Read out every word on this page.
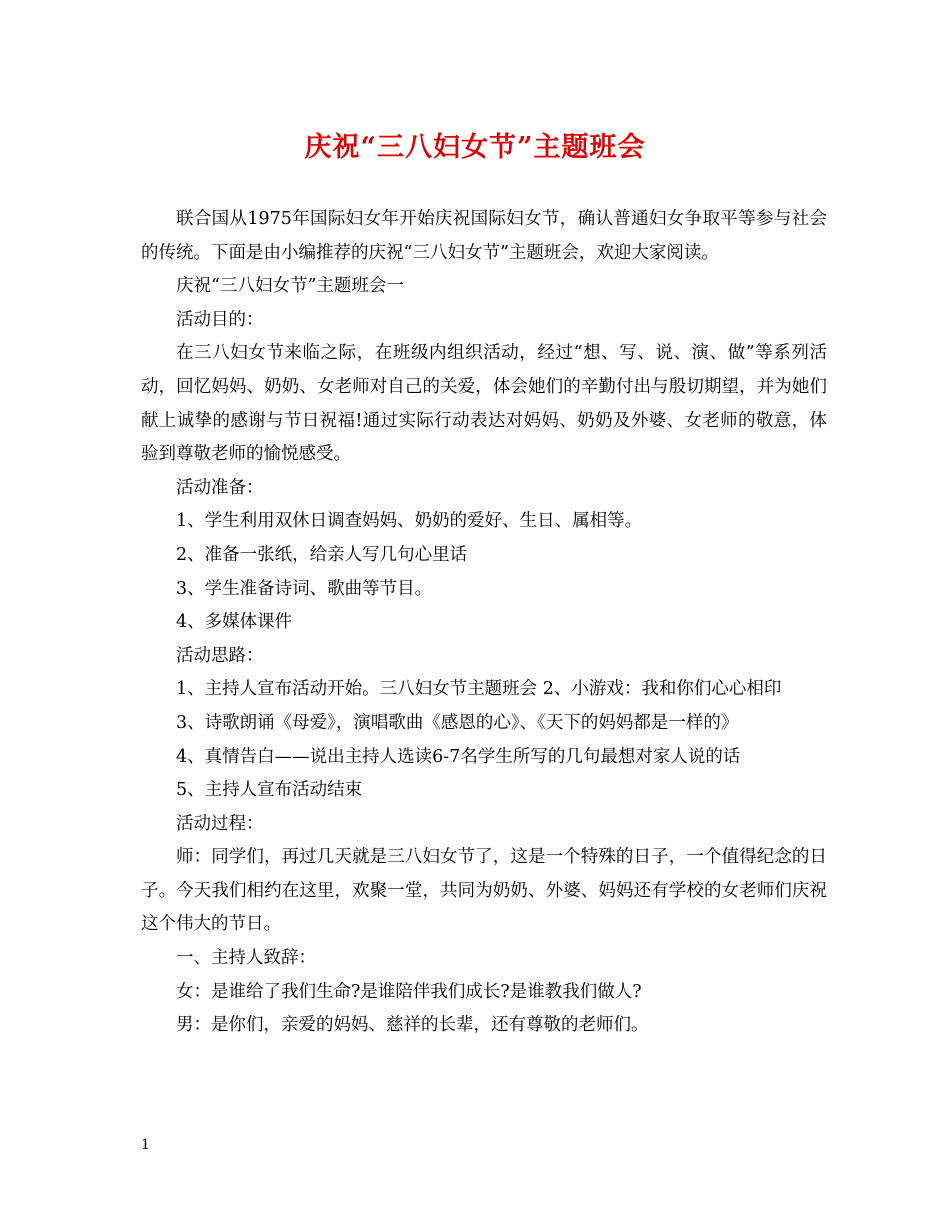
庆祝“三八妇女节”主题班会

联合国从1975年国际妇女年开始庆祝国际妇女节，确认普通妇女争取平等参与社会的传统。下面是由小编推荐的庆祝“三八妇女节”主题班会，欢迎大家阅读。

庆祝“三八妇女节”主题班会一

活动目的：

在三八妇女节来临之际，在班级内组织活动，经过“想、写、说、演、做”等系列活动，回忆妈妈、奶奶、女老师对自己的关爱，体会她们的辛勤付出与殷切期望，并为她们献上诚挚的感谢与节日祝福!通过实际行动表达对妈妈、奶奶及外婆、女老师的敬意，体验到尊敬老师的愉悦感受。

活动准备：

1、学生利用双休日调查妈妈、奶奶的爱好、生日、属相等。

2、准备一张纸，给亲人写几句心里话

3、学生准备诗词、歌曲等节目。

4、多媒体课件

活动思路：

1、主持人宣布活动开始。三八妇女节主题班会 2、小游戏：我和你们心心相印

3、诗歌朗诵《母爱》，演唱歌曲《感恩的心》、《天下的妈妈都是一样的》

4、真情告白——说出主持人选读6-7名学生所写的几句最想对家人说的话

5、主持人宣布活动结束

活动过程：

师：同学们，再过几天就是三八妇女节了，这是一个特殊的日子，一个值得纪念的日子。今天我们相约在这里，欢聚一堂，共同为奶奶、外婆、妈妈还有学校的女老师们庆祝这个伟大的节日。

一、主持人致辞：

女：是谁给了我们生命?是谁陪伴我们成长?是谁教我们做人?

男：是你们，亲爱的妈妈、慈祥的长辈，还有尊敬的老师们。

1
